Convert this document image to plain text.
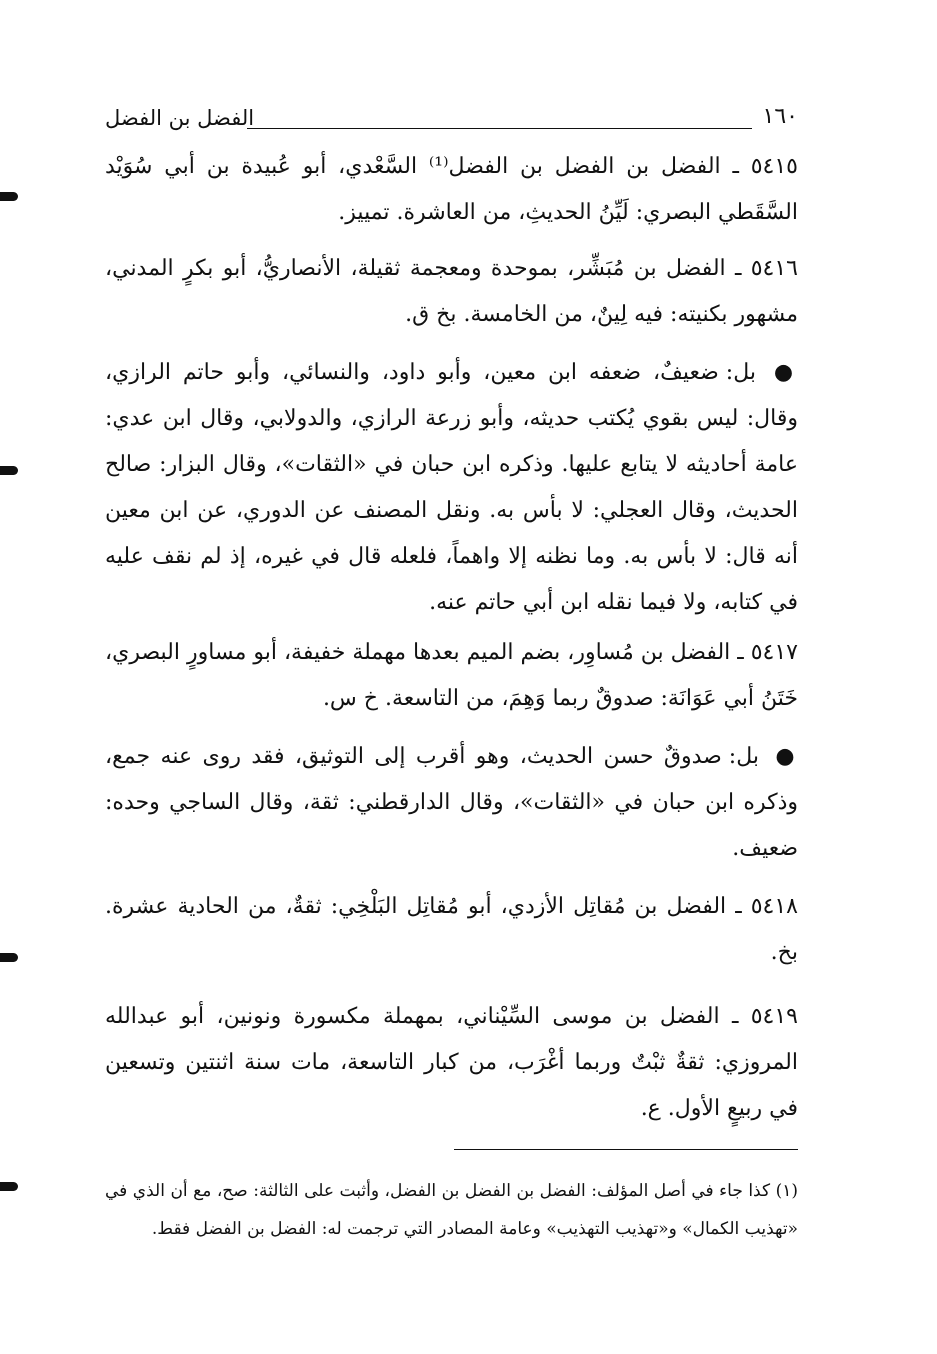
١٦٠
الفضل بن الفضل

٥٤١٥ ـ الفضل بن الفضل بن الفضل⁽¹⁾ السَّعْدي، أبو عُبيدة بن أبي سُوَيْد السَّقَطي البصري: لَيِّنُ الحديثِ، من العاشرة. تمييز.

٥٤١٦ ـ الفضل بن مُبَشِّر، بموحدة ومعجمة ثقيلة، الأنصاريُّ، أبو بكرٍ المدني، مشهور بكنيته: فيه لِينٌ، من الخامسة. بخ ق.

● بل: ضعيفٌ، ضعفه ابن معين، وأبو داود، والنسائي، وأبو حاتم الرازي، وقال: ليس بقوي يُكتب حديثه، وأبو زرعة الرازي، والدولابي، وقال ابن عدي: عامة أحاديثه لا يتابع عليها. وذكره ابن حبان في «الثقات»، وقال البزار: صالح الحديث، وقال العجلي: لا بأس به. ونقل المصنف عن الدوري، عن ابن معين أنه قال: لا بأس به. وما نظنه إلا واهماً، فلعله قال في غيره، إذ لم نقف عليه في كتابه، ولا فيما نقله ابن أبي حاتم عنه.

٥٤١٧ ـ الفضل بن مُساوِر، بضم الميم بعدها مهملة خفيفة، أبو مساورٍ البصري، خَتَنُ أبي عَوَانَة: صدوقٌ ربما وَهِمَ، من التاسعة. خ س.

● بل: صدوقٌ حسن الحديث، وهو أقرب إلى التوثيق، فقد روى عنه جمع، وذكره ابن حبان في «الثقات»، وقال الدارقطني: ثقة، وقال الساجي وحده: ضعيف.

٥٤١٨ ـ الفضل بن مُقاتِل الأزدي، أبو مُقاتِل البَلْخِي: ثقةٌ، من الحادية عشرة. بخ.

٥٤١٩ ـ الفضل بن موسى السِّيْناني، بمهملة مكسورة ونونين، أبو عبدالله المروزي: ثقةٌ ثبْتٌ وربما أغْرَب، من كبار التاسعة، مات سنة اثنتين وتسعين في ربيعٍ الأول. ع.

(١) كذا جاء في أصل المؤلف: الفضل بن الفضل بن الفضل، وأثبت على الثالثة: صح، مع أن الذي في «تهذيب الكمال» و«تهذيب التهذيب» وعامة المصادر التي ترجمت له: الفضل بن الفضل فقط.
